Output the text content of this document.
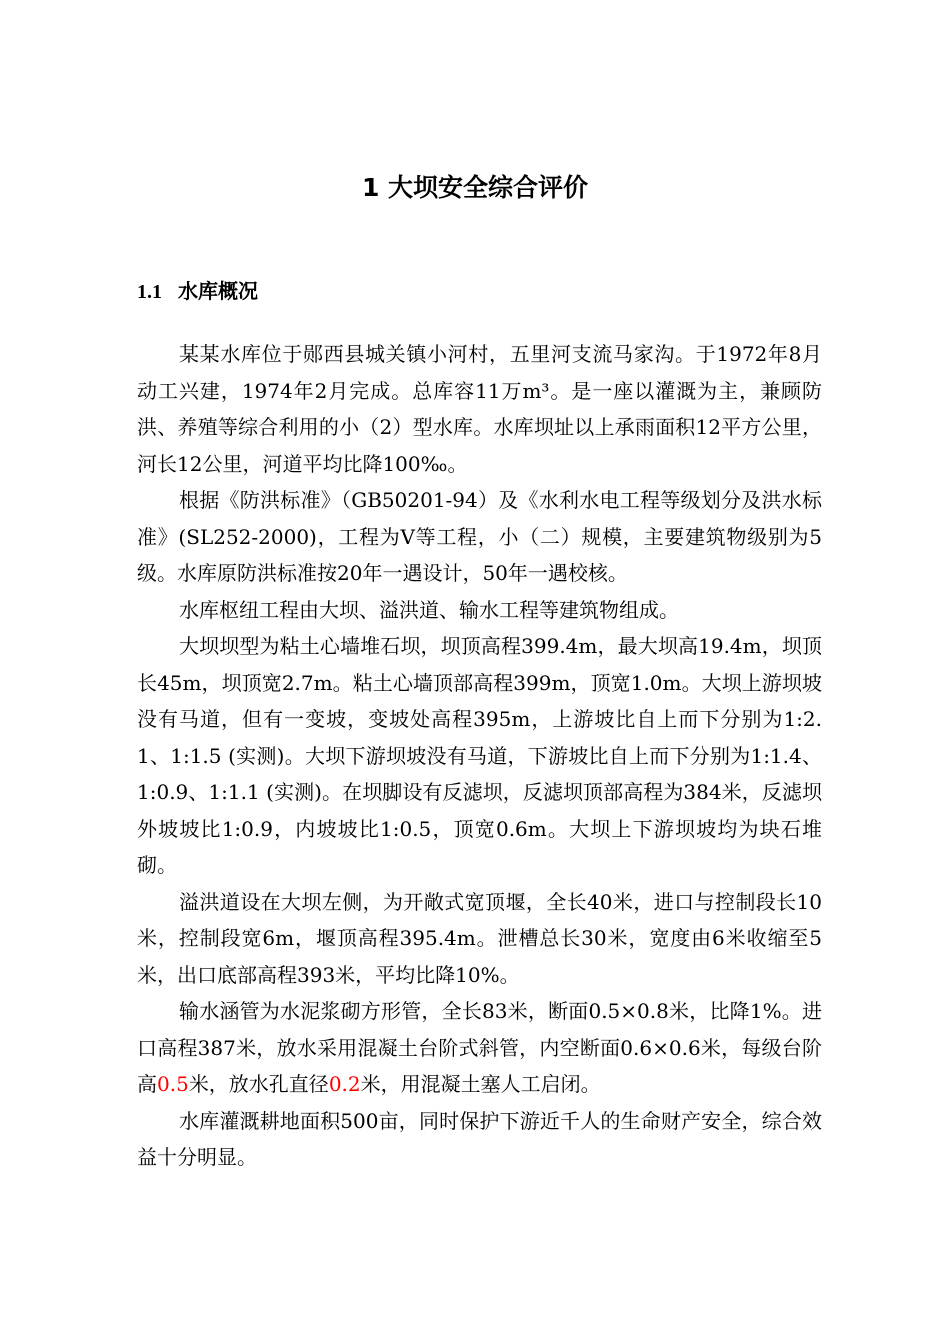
1 大坝安全综合评价
1.1 水库概况

某某水库位于郧西县城关镇小河村，五里河支流马家沟。于1972年8月动工兴建，1974年2月完成。总库容11万m³。是一座以灌溉为主，兼顾防洪、养殖等综合利用的小（2）型水库。水库坝址以上承雨面积12平方公里，河长12公里，河道平均比降100‰。

根据《防洪标准》（GB50201-94）及《水利水电工程等级划分及洪水标准》(SL252-2000)，工程为Ⅴ等工程，小（二）规模，主要建筑物级别为5 级。水库原防洪标准按20年一遇设计，50年一遇校核。

水库枢纽工程由大坝、溢洪道、输水工程等建筑物组成。

大坝坝型为粘土心墙堆石坝，坝顶高程399.4m，最大坝高19.4m，坝顶长45m，坝顶宽2.7m。粘土心墙顶部高程399m，顶宽1.0m。大坝上游坝坡没有马道，但有一变坡，变坡处高程395m，上游坡比自上而下分别为1:2.1、1:1.5 (实测)。大坝下游坝坡没有马道，下游坡比自上而下分别为1:1.4、1:0.9、1:1.1 (实测)。在坝脚设有反滤坝，反滤坝顶部高程为384米，反滤坝外坡坡比1:0.9，内坡坡比1:0.5，顶宽0.6m。大坝上下游坝坡均为块石堆砌。

溢洪道设在大坝左侧，为开敞式宽顶堰，全长40米，进口与控制段长10米，控制段宽6m，堰顶高程395.4m。泄槽总长30米，宽度由6米收缩至5米，出口底部高程393米，平均比降10%。

输水涵管为水泥浆砌方形管，全长83米，断面0.5×0.8米，比降1%。进口高程387米，放水采用混凝土台阶式斜管，内空断面0.6×0.6米，每级台阶高0.5米，放水孔直径0.2米，用混凝土塞人工启闭。

水库灌溉耕地面积500亩，同时保护下游近千人的生命财产安全，综合效益十分明显。
